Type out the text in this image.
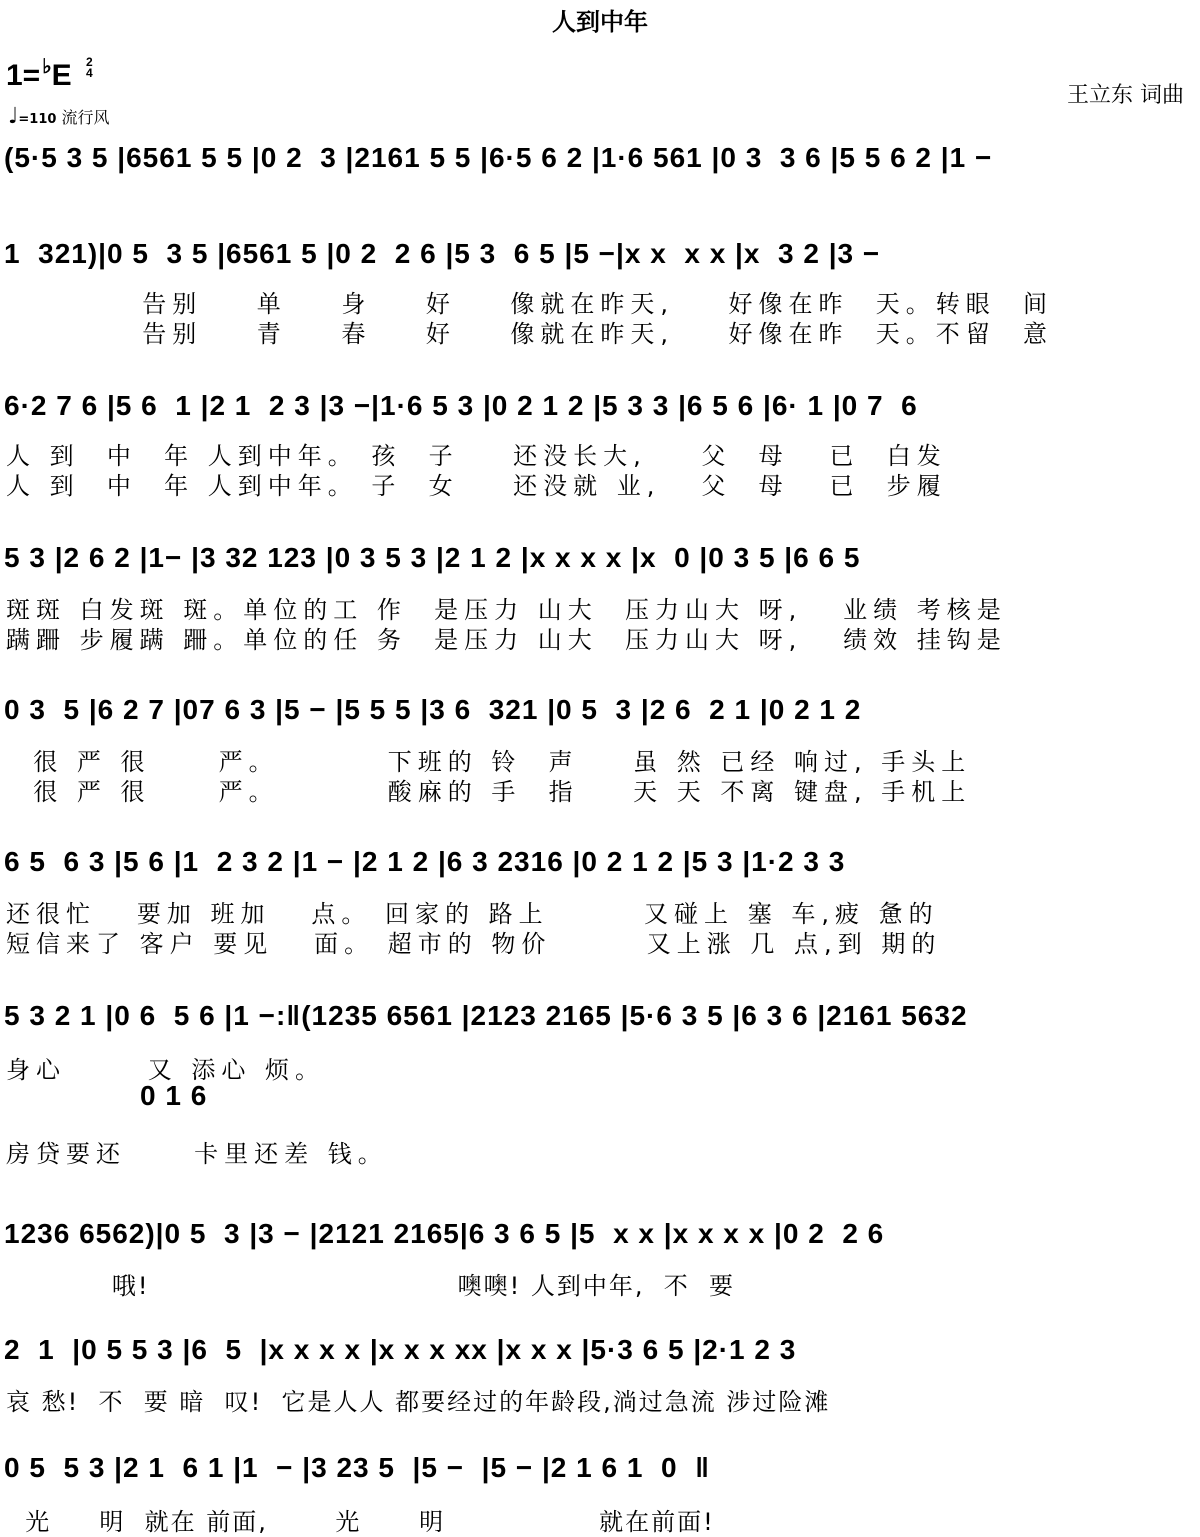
人到中年
1= ♭E 2
4
♩=110 流行风
王立东 词曲
(5·5 3 5 |6561 5 5 |0 2  3 |2161 5 5 |6·5 6 2 |1·6 561 |0 3  3 6 |5 5 6 2 |1 −
1  321)|0 5  3 5 |6561 5 |0 2  2 6 |5 3  6 5 |5 −|x x  x x |x  3 2 |3 −
告别    单    身    好    像就在昨天,    好像在昨  天。转眼  间
告别    青    春    好    像就在昨天,    好像在昨  天。不留  意
6·2 7 6 |5 6  1 |2 1  2 3 |3 −|1·6 5 3 |0 2 1 2 |5 3 3 |6 5 6 |6· 1 |0 7  6
人 到  中  年 人到中年。 孩  子    还没长大,    父  母   已  白发
人 到  中  年 人到中年。 子  女    还没就 业,   父  母   已  步履
5 3 |2 6 2 |1− |3 32 123 |0 3 5 3 |2 1 2 |x x x x |x  0 |0 3 5 |6 6 5
斑斑 白发斑 斑。单位的工 作  是压力 山大  压力山大 呀,   业绩 考核是
蹒跚 步履蹒 跚。单位的任 务  是压力 山大  压力山大 呀,   绩效 挂钩是
0 3  5 |6 2 7 |07 6 3 |5 − |5 5 5 |3 6  321 |0 5  3 |2 6  2 1 |0 2 1 2
很 严 很     严。        下班的 铃  声    虽 然 已经 响过, 手头上
很 严 很     严。        酸麻的 手  指    天 天 不离 键盘, 手机上
6 5  6 3 |5 6 |1  2 3 2 |1 − |2 1 2 |6 3 2316 |0 2 1 2 |5 3 |1·2 3 3
还很忙   要加 班加   点。 回家的 路上       又碰上 塞 车,疲 惫的
短信来了 客户 要见   面。 超市的 物价       又上涨 几 点,到 期的
5 3 2 1 |0 6  5 6 |1 −:‖(1235 6561 |2123 2165 |5·6 3 5 |6 3 6 |2161 5632
身心      又 添心 烦。
0 1 6
房贷要还     卡里还差 钱。
1236 6562)|0 5  3 |3 − |2121 2165|6 3 6 5 |5  x x |x x x x |0 2  2 6
哦!                                噢噢! 人到中年,  不  要
2  1  |0 5 5 3 |6  5  |x x x x |x x x xx |x x x |5·3 6 5 |2·1 2 3
哀 愁!  不  要 暗  叹!  它是人人 都要经过的年龄段,淌过急流 涉过险滩
0 5  5 3 |2 1  6 1 |1  − |3 23 5  |5 −  |5 − |2 1 6 1  0  ‖
光     明  就在 前面,       光      明                就在前面!
